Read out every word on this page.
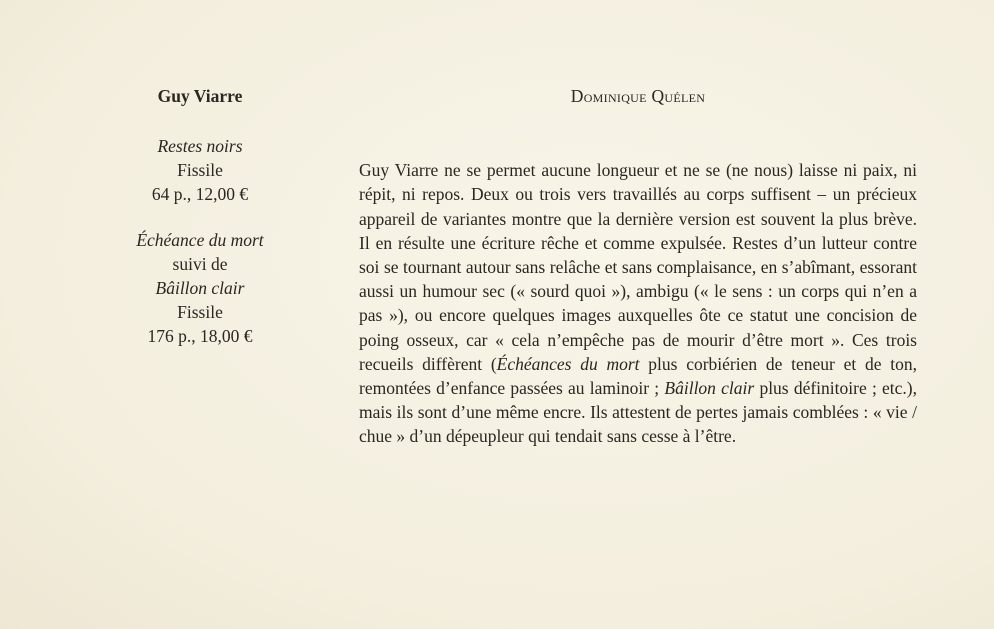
Guy Viarre
Restes noirs
Fissile
64 p., 12,00 €
Échéance du mort
suivi de
Bâillon clair
Fissile
176 p., 18,00 €
Dominique Quélen

Guy Viarre ne se permet aucune longueur et ne se (ne nous) laisse ni paix, ni répit, ni repos. Deux ou trois vers travaillés au corps suffisent – un précieux appareil de variantes montre que la dernière version est souvent la plus brève. Il en résulte une écriture rêche et comme expulsée. Restes d’un lutteur contre soi se tournant autour sans relâche et sans complaisance, en s’abîmant, essorant aussi un humour sec (« sourd quoi »), ambigu (« le sens : un corps qui n’en a pas »), ou encore quelques images auxquelles ôte ce statut une concision de poing osseux, car « cela n’empêche pas de mourir d’être mort ». Ces trois recueils diffèrent (Échéances du mort plus corbiérien de teneur et de ton, remontées d’enfance passées au laminoir ; Bâillon clair plus définitoire ; etc.), mais ils sont d’une même encre. Ils attestent de pertes jamais comblées : « vie / chue » d’un dépeupleur qui tendait sans cesse à l’être.
